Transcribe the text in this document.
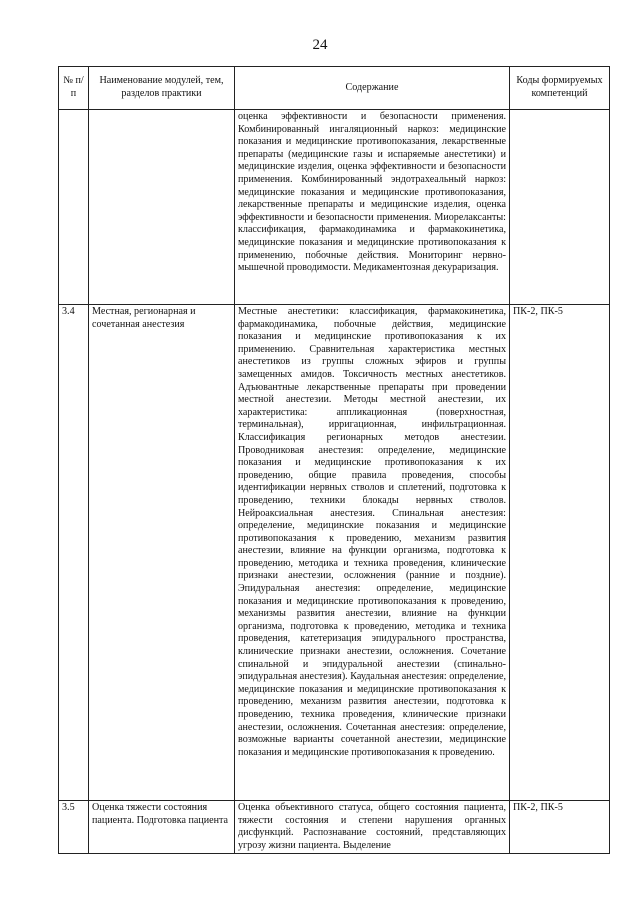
24
№ п/п	Наименование модулей, тем, разделов практики	Содержание	Коды формируемых компетенций
		оценка эффективности и безопасности применения. Комбинированный ингаляционный наркоз: медицинские показания и медицинские противопоказания, лекарственные препараты (медицинские газы и испаряемые анестетики) и медицинские изделия, оценка эффективности и безопасности применения. Комбинированный эндотрахеальный наркоз: медицинские показания и медицинские противопоказания, лекарственные препараты и медицинские изделия, оценка эффективности и безопасности применения. Миорелаксанты: классификация, фармакодинамика и фармакокинетика, медицинские показания и медицинские противопоказания к применению, побочные действия. Мониторинг нервно-мышечной проводимости. Медикаментозная декураризация.	
3.4	Местная, регионарная и сочетанная анестезия	Местные анестетики: классификация, фармакокинетика, фармакодинамика, побочные действия, медицинские показания и медицинские противопоказания к их применению. Сравнительная характеристика местных анестетиков из группы сложных эфиров и группы замещенных амидов. Токсичность местных анестетиков. Адъювантные лекарственные препараты при проведении местной анестезии. Методы местной анестезии, их характеристика: аппликационная (поверхностная, терминальная), ирригационная, инфильтрационная. Классификация регионарных методов анестезии. Проводниковая анестезия: определение, медицинские показания и медицинские противопоказания к их проведению, общие правила проведения, способы идентификации нервных стволов и сплетений, подготовка к проведению, техники блокады нервных стволов. Нейроаксиальная анестезия. Спинальная анестезия: определение, медицинские показания и медицинские противопоказания к проведению, механизм развития анестезии, влияние на функции организма, подготовка к проведению, методика и техника проведения, клинические признаки анестезии, осложнения (ранние и поздние). Эпидуральная анестезия: определение, медицинские показания и медицинские противопоказания к проведению, механизмы развития анестезии, влияние на функции организма, подготовка к проведению, методика и техника проведения, катетеризация эпидурального пространства, клинические признаки анестезии, осложнения. Сочетание спинальной и эпидуральной анестезии (спинально-эпидуральная анестезия). Каудальная анестезия: определение, медицинские показания и медицинские противопоказания к проведению, механизм развития анестезии, подготовка к проведению, техника проведения, клинические признаки анестезии, осложнения. Сочетанная анестезия: определение, возможные варианты сочетанной анестезии, медицинские показания и медицинские противопоказания к проведению.	ПК-2, ПК-5
3.5	Оценка тяжести состояния пациента. Подготовка пациента	Оценка объективного статуса, общего состояния пациента, тяжести состояния и степени нарушения органных дисфункций. Распознавание состояний, представляющих угрозу жизни пациента. Выделение	ПК-2, ПК-5
